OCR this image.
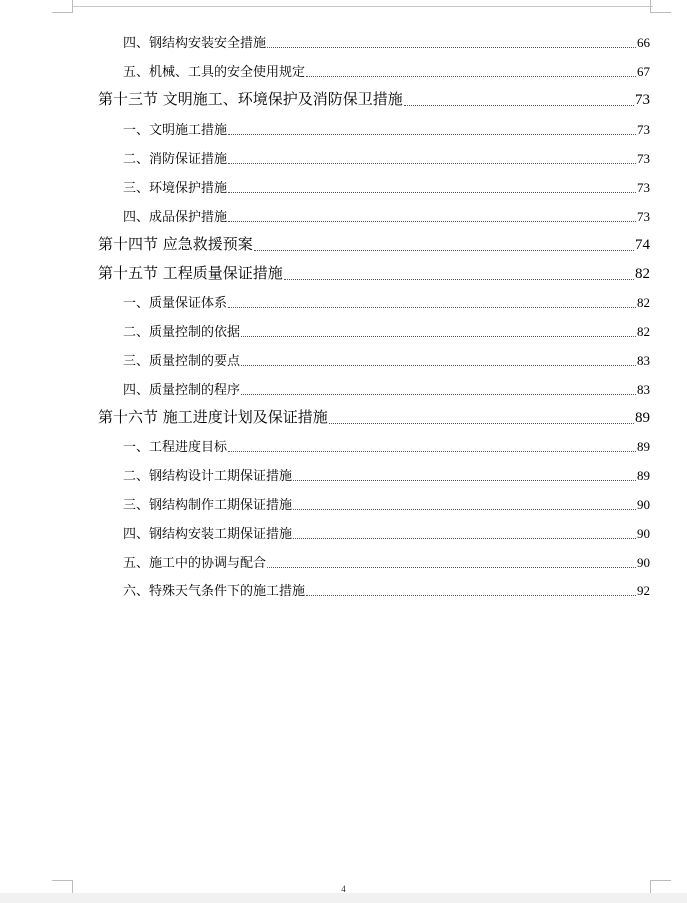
四、钢结构安装安全措施	66
五、机械、工具的安全使用规定	67
第十三节 文明施工、环境保护及消防保卫措施	73
一、文明施工措施	73
二、消防保证措施	73
三、环境保护措施	73
四、成品保护措施	73
第十四节 应急救援预案	74
第十五节 工程质量保证措施	82
一、质量保证体系	82
二、质量控制的依据	82
三、质量控制的要点	83
四、质量控制的程序	83
第十六节 施工进度计划及保证措施	89
一、工程进度目标	89
二、钢结构设计工期保证措施	89
三、钢结构制作工期保证措施	90
四、钢结构安装工期保证措施	90
五、施工中的协调与配合	90
六、特殊天气条件下的施工措施	92
4
